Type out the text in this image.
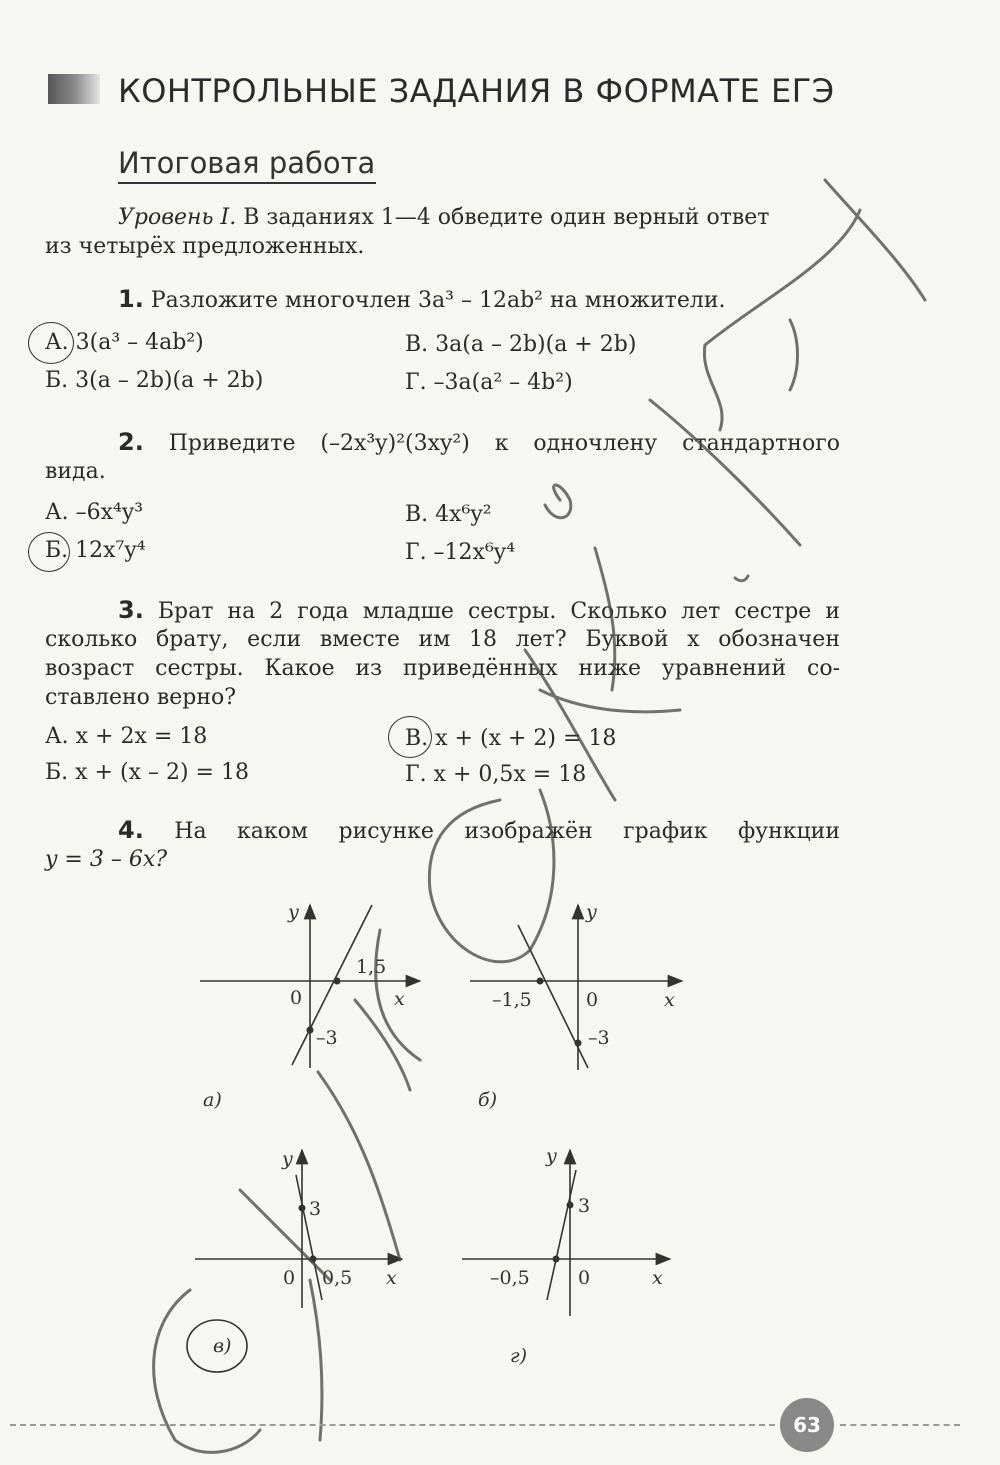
КОНТРОЛЬНЫЕ ЗАДАНИЯ В ФОРМАТЕ ЕГЭ
Итоговая работа
Уровень I. В заданиях 1—4 обведите один верный ответ
из четырёх предложенных.
1. Разложите многочлен 3a³ – 12ab² на множители.
А. 3(a³ – 4ab²)
Б. 3(a – 2b)(a + 2b)
В. 3a(a – 2b)(a + 2b)
Г. –3a(a² – 4b²)
2. Приведите (–2x³y)²(3xy²) к одночлену стандартного
вида.
А. –6x⁴y³
Б. 12x⁷y⁴
В. 4x⁶y²
Г. –12x⁶y⁴
3. Брат на 2 года младше сестры. Сколько лет сестре и
сколько брату, если вместе им 18 лет? Буквой x обозначен
возраст сестры. Какое из приведённых ниже уравнений со-
ставлено верно?
А. x + 2x = 18
Б. x + (x – 2) = 18
В. x + (x + 2) = 18
Г. x + 0,5x = 18
4. На каком рисунке изображён график функции
y = 3 – 6x?
y
x
0
1,5
–3
а)
y
x
0
–1,5
–3
б)
y
x
0 0,5
3
в)
y
x
0
–0,5
3
г)
63
